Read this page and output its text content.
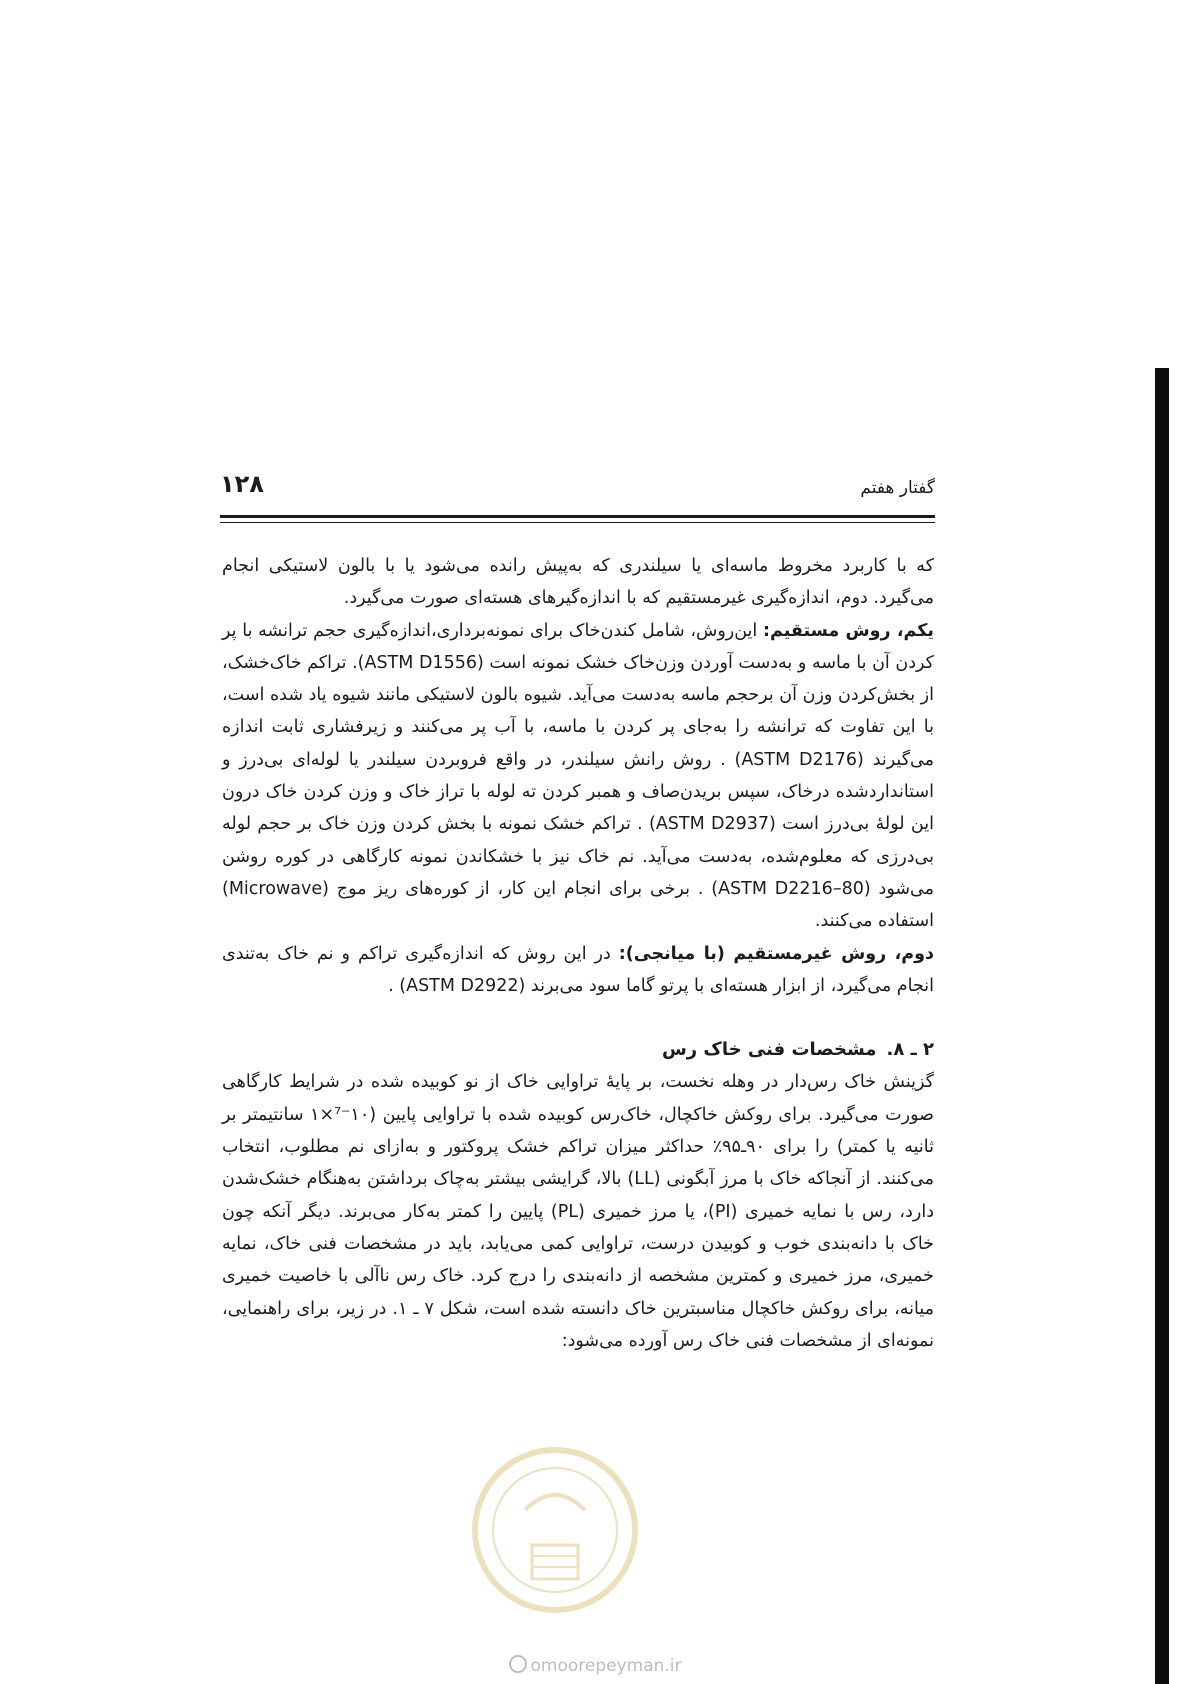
۱۲۸	گفتار هفتم

که با کاربرد مخروط ماسه‌ای یا سیلندری که به‌پیش رانده می‌شود یا با بالون لاستیکی انجام می‌گیرد. دوم، اندازه‌گیری غیرمستقیم که با اندازه‌گیرهای هسته‌ای صورت می‌گیرد.

یکم، روش مستقیم: این‌روش، شامل کندن‌خاک برای نمونه‌برداری،اندازه‌گیری حجم ترانشه با پر کردن آن با ماسه و به‌دست آوردن وزن‌خاک خشک نمونه است (ASTM D1556). تراکم خاک‌خشک، از بخش‌کردن وزن آن برحجم ماسه به‌دست می‌آید. شیوه بالون لاستیکی مانند شیوه یاد شده است، با این تفاوت که ترانشه را به‌جای پر کردن با ماسه، با آب پر می‌کنند و زیرفشاری ثابت اندازه می‌گیرند (ASTM D2176) . روش رانش سیلندر، در واقع فروبردن سیلندر یا لوله‌ای بی‌درز و استانداردشده درخاک، سپس بریدن‌صاف و همبر کردن ته لوله با تراز خاک و وزن کردن خاک درون این لولهٔ بی‌درز است (ASTM D2937) . تراکم خشک نمونه با بخش کردن وزن خاک بر حجم لوله بی‌درزی که معلوم‌شده، به‌دست می‌آید. نم خاک نیز با خشکاندن نمونه کارگاهی در کوره روشن می‌شود (ASTM D2216–80) . برخی برای انجام این کار، از کوره‌های ریز موج (Microwave) استفاده می‌کنند.

دوم، روش غیرمستقیم (با میانجی): در این روش که اندازه‌گیری تراکم و نم خاک به‌تندی انجام می‌گیرد، از ابزار هسته‌ای با پرتو گاما سود می‌برند (ASTM D2922) .

۲ ـ ۸.مشخصات فنی خاک رس

گزینش خاک رس‌دار در وهله نخست، بر پایهٔ تراوایی خاک از نو کوبیده شده در شرایط کارگاهی صورت می‌گیرد. برای روکش خاکچال، خاک‌رس کوبیده شده با تراوایی پایین (۱۰⁻⁷×۱ سانتیمتر بر ثانیه یا کمتر) را برای ۹۰ـ۹۵٪ حداکثر میزان تراکم خشک پروکتور و به‌ازای نم مطلوب، انتخاب می‌کنند. از آنجاکه خاک با مرز آبگونی (LL) بالا، گرایشی بیشتر به‌چاک برداشتن به‌هنگام خشک‌شدن دارد، رس با نمایه خمیری (PI)، یا مرز خمیری (PL) پایین را کمتر به‌کار می‌برند. دیگر آنکه چون خاک با دانه‌بندی خوب و کوبیدن درست، تراوایی کمی می‌یابد، باید در مشخصات فنی خاک، نمایه خمیری، مرز خمیری و کمترین مشخصه از دانه‌بندی را درج کرد. خاک رس ناآلی با خاصیت خمیری میانه، برای روکش خاکچال مناسبترین خاک دانسته شده است، شکل ۷ ـ ۱. در زیر، برای راهنمایی، نمونه‌ای از مشخصات فنی خاک رس آورده می‌شود:

omoorepeyman.ir
